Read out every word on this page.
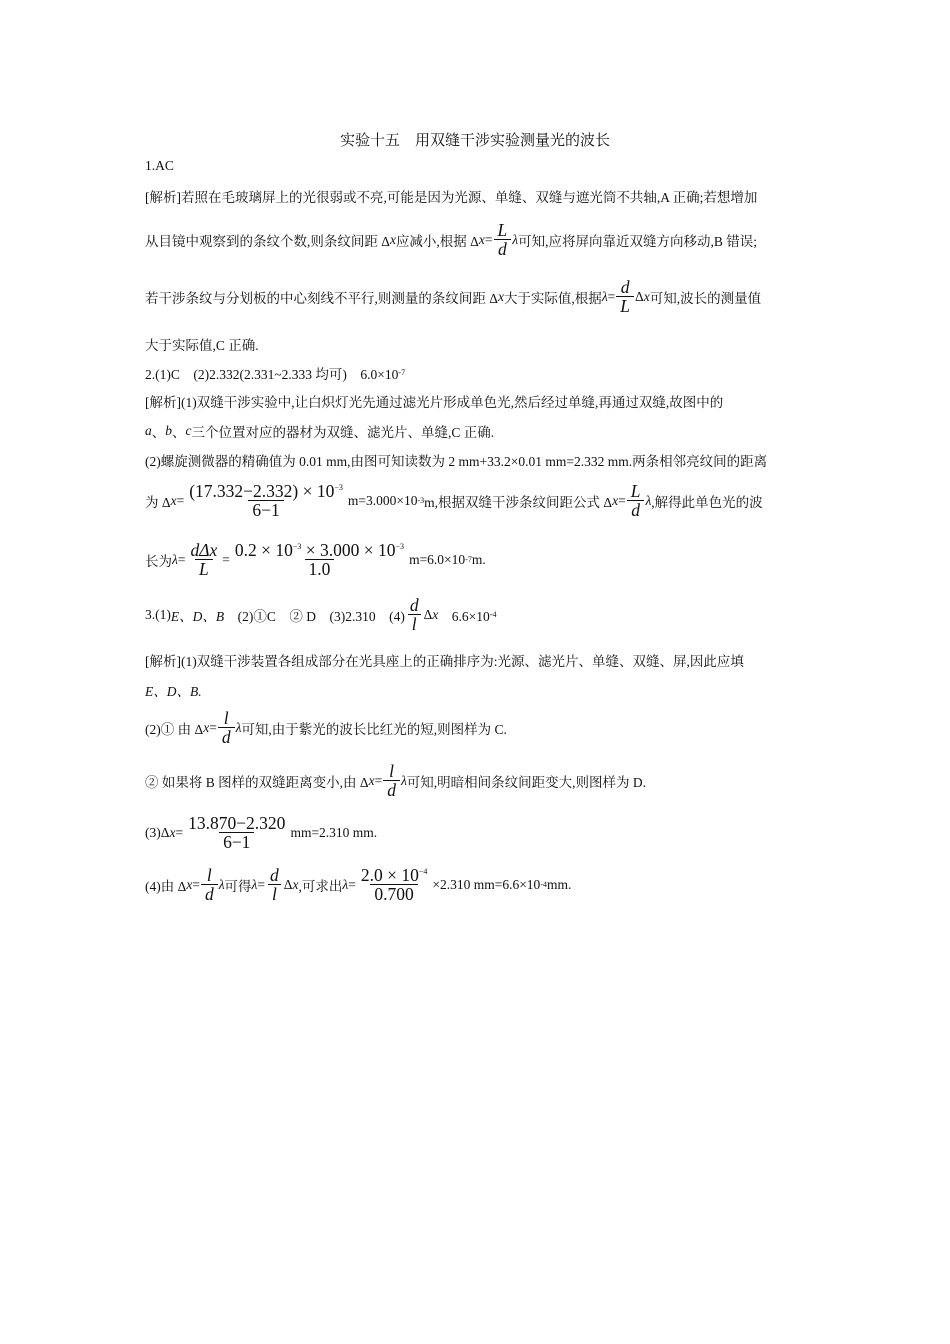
实验十五　用双缝干涉实验测量光的波长
1.AC
[解析] 若照在毛玻璃屏上的光很弱或不亮,可能是因为光源、单缝、双缝与遮光筒不共轴,A 正确;若想增加
从目镜中观察到的条纹个数,则条纹间距 Δ x 应减小,根据 Δ $x = \frac{L}{d}$ λ 可知,应将屏向靠近双缝方向移动,B 错误;
若干涉条纹与分划板的中心刻线不平行,则测量的条纹间距 Δ x 大于实际值,根据 $\lambda = \frac{d}{L}$ Δ x 可知,波长的测量值
大于实际值,C 正确.
2.(1)C　(2)2.332(2.331~2.333 均可)　6.0×10 -7
[解析] (1)双缝干涉实验中,让白炽灯光先通过滤光片形成单色光,然后经过单缝,再通过双缝,故图中的
a 、 b 、 c 三个位置对应的器材为双缝、滤光片、单缝,C 正确.
(2)螺旋测微器的精确值为 0.01 mm,由图可知读数为 2 mm+33.2×0.01 mm=2.332 mm.两条相邻亮纹间的距离
为 Δ $x = \frac{(17.332-2.332) \times 10^{-3}}{6-1} m=3.000\times 10$ -3 m,根据双缝干涉条纹间距公式 Δ $x = \frac{L}{d}$ λ ,解得此单色光的波
长为 $\lambda = \frac{\text{dΔx}}{L} = \frac{0.2 \times 10^{-3} \times 3.000 \times 10^{-3}}{1.0} m=6.0\times 10$ -7 m.
3.(1) E、D、B 　(2)①C　② D　(3)2.310　$(4) \frac{d}{l}$ Δ x 　6.6×10 -4
[解析] (1)双缝干涉装置各组成部分在光具座上的正确排序为:光源、滤光片、单缝、双缝、屏,因此应填
E、D、B.
(2)① 由 Δ $x = \frac{l}{d}$ λ 可知,由于紫光的波长比红光的短,则图样为 C.
② 如果将 B 图样的双缝距离变小,由 Δ $x = \frac{l}{d}$ λ 可知,明暗相间条纹间距变大,则图样为 D.
(3)Δ $x = \frac{13.870-2.320}{6-1} mm=2.310$ mm.
(4)由 Δ $x = \frac{l}{d}$ λ 可得 $\lambda = \frac{d}{l}$ Δ x ,可求出 $\lambda = \frac{2.0 \times 10^{-4}}{0.700} \times 2.310$ mm=6.6×10 -4 mm.
